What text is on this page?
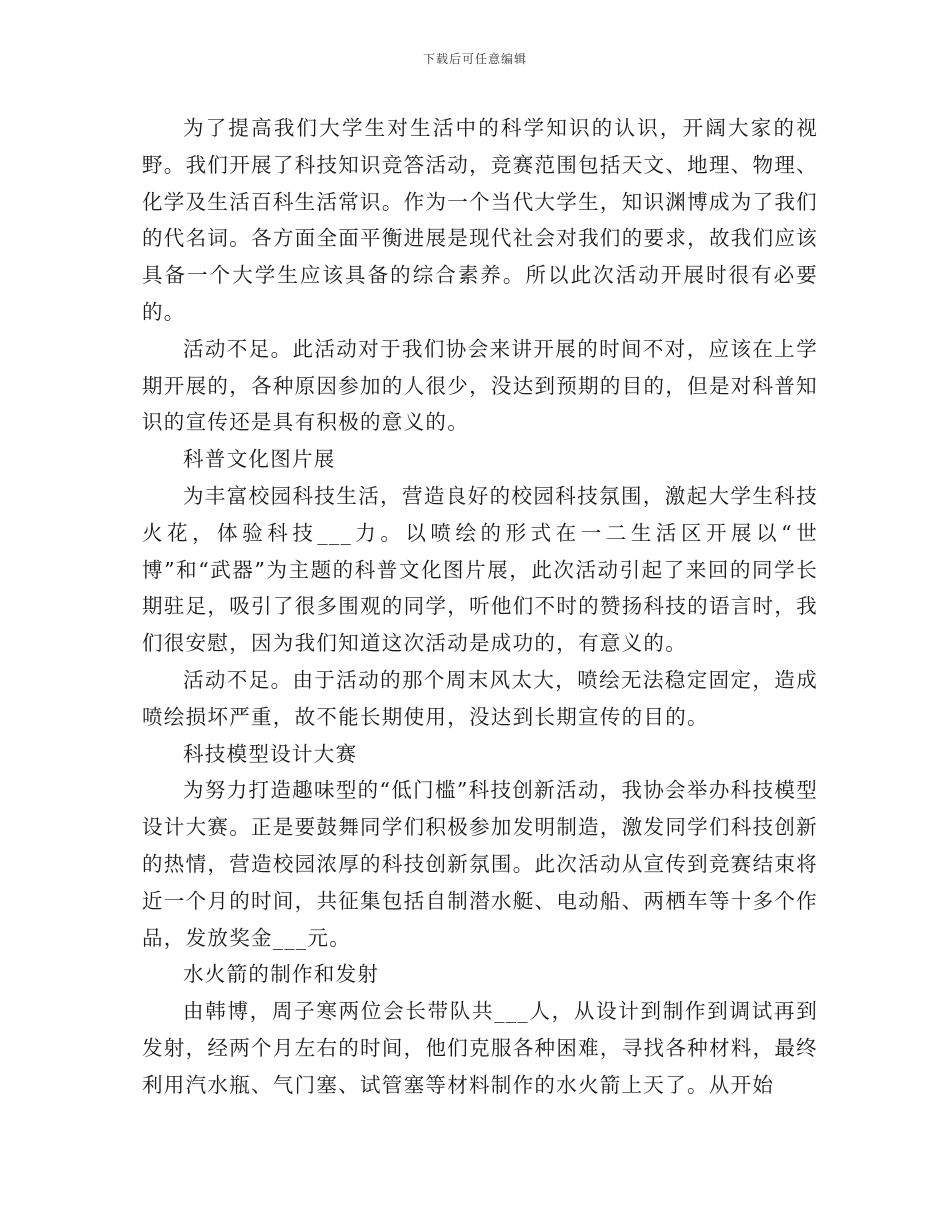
下载后可任意编辑

为了提高我们大学生对生活中的科学知识的认识，开阔大家的视野。我们开展了科技知识竞答活动，竞赛范围包括天文、地理、物理、化学及生活百科生活常识。作为一个当代大学生，知识渊博成为了我们的代名词。各方面全面平衡进展是现代社会对我们的要求，故我们应该具备一个大学生应该具备的综合素养。所以此次活动开展时很有必要的。

活动不足。此活动对于我们协会来讲开展的时间不对，应该在上学期开展的，各种原因参加的人很少，没达到预期的目的，但是对科普知识的宣传还是具有积极的意义的。

科普文化图片展

为丰富校园科技生活，营造良好的校园科技氛围，激起大学生科技火花，体验科技___力。以喷绘的形式在一二生活区开展以“世博”和“武器”为主题的科普文化图片展，此次活动引起了来回的同学长期驻足，吸引了很多围观的同学，听他们不时的赞扬科技的语言时，我们很安慰，因为我们知道这次活动是成功的，有意义的。

活动不足。由于活动的那个周末风太大，喷绘无法稳定固定，造成喷绘损坏严重，故不能长期使用，没达到长期宣传的目的。

科技模型设计大赛

为努力打造趣味型的“低门槛”科技创新活动，我协会举办科技模型设计大赛。正是要鼓舞同学们积极参加发明制造，激发同学们科技创新的热情，营造校园浓厚的科技创新氛围。此次活动从宣传到竞赛结束将近一个月的时间，共征集包括自制潜水艇、电动船、两栖车等十多个作品，发放奖金___元。

水火箭的制作和发射

由韩博，周子寒两位会长带队共___人，从设计到制作到调试再到发射，经两个月左右的时间，他们克服各种困难，寻找各种材料，最终利用汽水瓶、气门塞、试管塞等材料制作的水火箭上天了。从开始
